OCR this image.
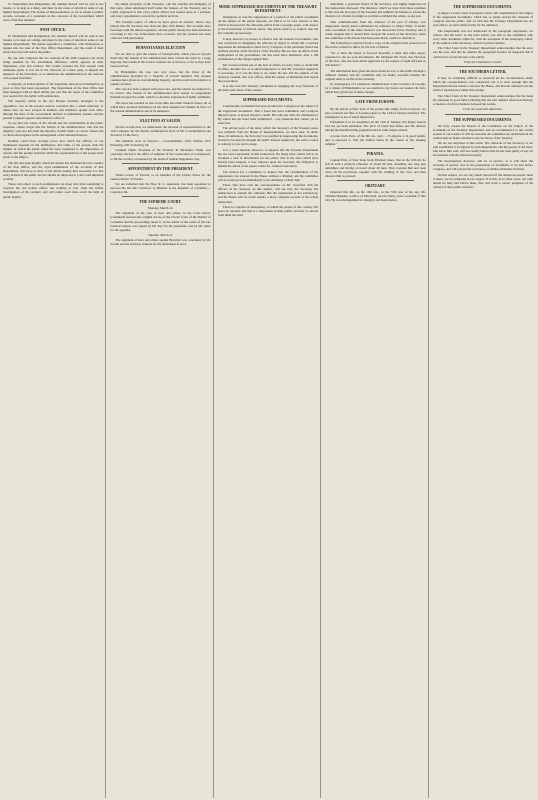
To Vanquished and Resignation, the remains thereof will be sent to the Senate, to be kept as a thing, and must be the cause of reform in some of our highest Departments. The Senate of Representatives, so far as relates to public records, accounts of a statement on the concerns of the Government which were of the first moment.
POST OFFICE.
In Vanquished and Resignation, the remains thereof will be sent to the Senate, to be kept on a thing, and must be the cause of reform in some of our highest Departments. The Senate appointed a committee, with instructions to inquire into the state of the Post Office Department, and the result of their labors has been laid before the public.
No one who compares the two sessions of the 20th Congress can avoid being satisfied by the astonishing difference which appears in their disposition, tone and conduct. The former pursued the first session with deliberate spirit; it was not in the character of a mere party to impede the measures of the Executive, or to embarrass the administration in the exercise of its proper functions.
A majority of both branches of the legislature then proved themselves as good as they had been represented. The Department of the Post Office had been managed with so much ability and care that the report of the committee was received by the public with satisfaction.
The majority which in the two Houses formerly belonged to the opposition, was in the present session converted into a small minority; or rather, they are now arrayed in numbers and members against each other, through the lines of the Government. Reform is undeniably needed, and the present Congress appears determined to effect it.
To see how the whole of the reform and the retrenchment in the public expenses, cannot forget that the friends of the administration, who had the majority, were not less than the minority in their desire to correct abuses and to check extravagance in the management of the national finances.
Nothing could more strongly prove how much the efficacy of our institutions depends on the intelligence and virtue of the people, than the manner in which the public mind has been awakened to the importance of reform, and the prompt attention which the representatives of the people have given to the subject.
The fair and open inquiry which the Senate has instituted into the conduct of the Post Office, and the rigid examination of the accounts of that Department, will serve to show to the whole country how necessary it is that every branch of the public service should be subjected to a strict and impartial scrutiny.
Those who object to such examinations are those who have something to conceal; but the honest officer has nothing to fear from the fullest investigation of his conduct, and will rather court than avoid the light of public inquiry.
the single exception of the Treasury.—All the catering and malignity of that party, when unrebuked itself under the banners of the Treasury, and so boldly expressed in that every public officer was looked upon as a partisan, and every appointment a reward for political services.
The Treasury report, of which we have given an abstract, shows very plainly that the Secretary has done his duty with fidelity. The accounts have been kept with the utmost regularity, and the public money has been disbursed according to law. No defalcations have occurred, and the revenue has been collected with punctuality.
PENNSYLVANIA ELECTION
We are able to give the returns of Pennsylvania, which place it beyond doubt that the friends of the administration have carried the State by a large majority. The results in the several counties are as follows, so far as they have been received.
In Philadelphia the vote was very close, but the ticket of the administration prevailed by a majority of several hundred. The western counties have given an overwhelming majority, and the result in the interior is equally decisive.
The vote has been counted with great care, and the returns are believed to be correct. The friends of the administration have reason to congratulate themselves upon the result, which is a decisive expression of public sentiment.
The news has reached us also from Ohio and other Western States, all of which have declared themselves in the most unequivocal manner in favor of the present administration and of its measures.
ELECTION AT SALEM.
On the second trial, we understand, the election of representatives to the 11th Congress, for the district, terminated in favor of Mr. Crowninshield, late Secretary of the Navy.
The numbers were as follows:— Crowninshield, 1105; Silsbee, 873; Pickering, 250; Scattering, 64.
Clement Smith, President of the Farmers' & Mechanics' Bank, was yesterday elected to the office of Adjutant of the Corporation of Georgetown, to fill the vacancy occasioned by the death of Nathan Nugenbent, Esq.
APPOINTMENT BY THE PRESIDENT.
Walter Lewis, of Florida, to be Marshal of the United States for the eastern district of Florida.
We are informed that the Hon. R. C. Anderson, has been appointed to succeed the late Mr. Crawford, as Minister to the Republic of Colombia.—Lancaster Jnl.
THE SUPREME COURT.
Monday, March 10.
The argument of the case of Kerr and others, in the Court below, (continued) between the original decree of the Circuit Court of the District of Columbia and the proceedings under it, in the matter of the estate of the late General Lingan, was argued by Mr. Key for the appellants, and by Mr. Jones for the appellee.
Tuesday, March 11.
The argument of Kerr and others against Beverley was concluded by Mr. Swann and the Attorney General for the defendants in error.
MORE SUPPRESSED DOCUMENTS BY THE TREASURY DEPARTMENT.
Outrageous as was the suppression of a portion of the public documents on the subject of the public deposits, we find it to be very adverse to that which is disclosed in the following article from a Georgia paper, with respect to the introduction of African slaves. The article itself is so explicit, that but few remarks are necessary.
It may, however, be proper to observe that the General Government, who was concerned in smuggling the Africans in regard to whom Mr. Crawford suppressed the information called for by Congress, is the particular friend and political partisan of the Secretary of the Treasury. He was also an officer in the employment of the government, but has been since dismissed, after a full examination of the charges against him.
Mr. Crawford made use of the best of efforts, in every form, to retain him in office. Another fact of as small importance is, that Mr. Crawford neglected to prosecute, as it was his duty to do, under the law and the opinion of the Attorney General, this very officer, until the statute of limitations had barred the prosecution.
It is also true that Treasury candidates in engaging the very functions of the man's and virtue of the country.
SUPPRESSED DOCUMENTS.
Considerable excitement has been produced in Congress on the subject of the suppressed documents. That a fraud has been committed, and Congress imposed upon, is placed beyond a doubt. But who has done the delinquency? By whom has the fraud been committed? —are questions that cannot yet be answered.
The private parts of the letter, which the Secretary of the Treasury states was withheld from the House of Representatives, we have seen. If, under these circumstances, the Secretary was justified in suppressing the documents, it must be because he thought the public interest required it; but such a course is contrary to law and to usage.
It is a cruel delusion, however, to suppose that the Treasury Department has not been responsible in this transaction. By many there cannot fail to be ill-suited a lack of information for the public, that in the rules which have already been adopted, it now imposes upon the Secretary the obligation to furnish the whole of the papers called for, without reservation.
The motion for a committee to inquire into the circumstances of the suppression was adopted in the House without a division; and the committee will no doubt proceed immediately to the discharge of their duty.
Those who have read the correspondence of Mr. Crawford with the officers of the Treasury on this subject, will see how the Secretary has endeavored to explain the omission. But the explanation is not satisfactory, and the House will no doubt require a more complete account of the whole transaction.
There is a species of delinquency of which the people of this country will never be tolerant, and that is a disposition in their public servants to conceal from them the truth.
individual, a particular friend of the Secretary, was highly implicated in the transactions disclosed. The inference which we draw from these premises is this: that the Secretary of the Treasury did withhold documents to screen the character of a friend, he might as well have withheld the whole, as any part.
That communication from the collector of the port of Darien, was suppressed, nearly much commented by reference to Major Wiley. It seems that a document of the same character was discovered in the Treasury, and it seems singular that it should have escaped the search of the Secretary, when the committee of the House had been particularly careful to describe it.
The following is extracted from a copy of the original letter preserved on file in the Collector's office for the Port of Darien.
"Sir—I have the honor to forward herewith, a letter and other papers presented to me for your information. Mr. M'Queen Mr. Irwin, late Surveyor of the Port, who has been much aggrieved by the seizure of eight Africans in this district."
The information here given has since found its way to the public through a different channel, and the committee will, no doubt, ascertain whether the original letter is on file in the Treasury.
In consequence of a memorial communicated to the Governor of Georgia by a citizen of Philadelphia, we are enabled to lay before our readers the facts which have given rise to these charges.
LATE FROM EUROPE.
By the arrival at New York of the packet ship Amity, from Liverpool, we have received our files of London papers to the 14th of January inclusive. The intelligence is not of much importance.
Parliament is to be assembled on the 11th of January; the King's speech had not yet been published. The price of bread had fallen, and the distress among the manufacturing population had in some degree abated.
A letter from Paris, of the 8th ult., says: —"Lafayette is in good health, and is expected to visit the United States in the course of the ensuing summer."
PIRATES.
Captain Ellis, of New York, from Trinidad, states, that on the 10th ult. he fell in with a piratical schooner, of about 90 tons, mounting one long gun amidships and having on board about 40 men. They boarded him and took away all his provisions, together with the clothing of the crew, and then allowed him to proceed.
OBITUARY.
Departed this life, on the 10th inst., in the 76th year of his age, Mr. William Hopkins, a native of Maryland, and for many years a resident of this city. He was distinguished for integrity and benevolence.
THE SUPPRESSED DOCUMENTS.
A subject we have been in progress a more full examination of the subject of the suppressed documents, which has so justly excited the attention of Congress and the public, and we find that the Treasury Department has not been able to account satisfactorily for the omission.
The Department was not implicated in the paragraph suppressed, we believe, and the letter, as has been stated, was sent to the committee with every other document called for, with the exception of the paragraph, which, in the opinion of the Secretary, related to private matters.
The Chief Clerk in the Treasury Department acknowledges that the error was his own, and that he omitted the paragraph because he supposed that it could not be of any interest to the public.
From the Charleston Courier.
THE SOUTHERN LETTER.
It may be extremely difficult to ascertain all the circumstances under which the correspondence was conducted; but it is clear enough that the Department did not intend to deceive the House, and that the omission was the result of inadvertence rather than design.
The Chief Clerk in the Treasury Department acknowledges that he made the omission in good faith, believing that the part omitted related exclusively to matters of private business between the parties.
From the Louisville Advertiser.
THE SUPPRESSED DOCUMENTS.
We have copied the Report of the Committee on the subject of the documents of the Treasury Department, and we recommend it to the careful perusal of our readers. It will be seen that the committee are unanimous in the opinion that no blame attaches to the Secretary of the Treasury.
We are not surprised at this result. The character of the Secretary is too well established to be injured by such imputations; and the people of the West, who know him well, will not readily believe that he has been guilty of any act inconsistent with the strictest integrity.
The investigation, however, will be of service, as it will show the necessity of greater care in the preparation of documents to be laid before Congress, and will prevent the recurrence of similar omissions in future.
On this subject, we are very much deceived if the American people, most of them, are not unbiased in our regard. If in this, as in other cases, the truth should be fully laid before them, they will form a correct judgment of the conduct of their public servants.
